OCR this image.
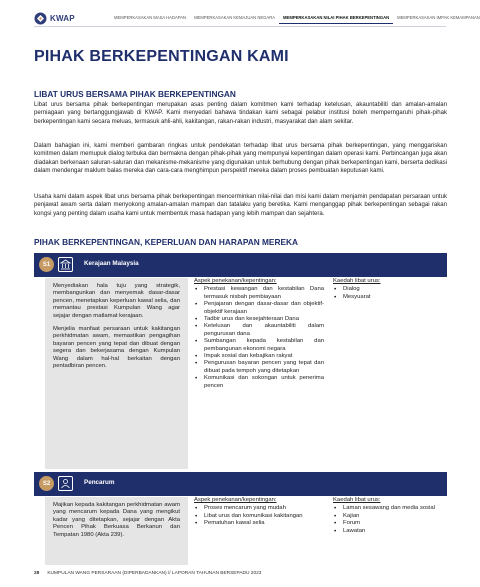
KWAP	MEMPERKASAKAN MASA HADAPAN	MEMPERKASAKAN KEMAJUAN NEGARA	MEMPERKASAKAN NILAI PIHAK BERKEPENTINGAN	MEMPERKASAKAN IMPAK KEMAMPANAN
PIHAK BERKEPENTINGAN KAMI
LIBAT URUS BERSAMA PIHAK BERKEPENTINGAN
Libat urus bersama pihak berkepentingan merupakan asas penting dalam komitmen kami terhadap ketelusan, akauntabiliti dan amalan-amalan perniagaan yang bertanggungjawab di KWAP. Kami menyedari bahawa tindakan kami sebagai pelabur institusi boleh memperngaruhi pihak-pihak berkepentingan kami secara meluas, termasuk ahli-ahli, kakitangan, rakan-rakan industri, masyarakat dan alam sekitar.
Dalam bahagian ini, kami memberi gambaran ringkas untuk pendekatan terhadap libat urus bersama pihak berkepentingan, yang menggariskan komitmen dalam memupuk dialog terbuka dan bermakna dengan pihak-pihak yang mempunyai kepentingan dalam operasi kami. Perbincangan juga akan diadakan berkenaan saluran-saluran dan mekanisme-mekanisme yang digunakan untuk berhubung dengan pihak berkepentingan kami, berserta dedikasi dalam mendengar maklum balas mereka dan cara-cara menghimpun perspektif mereka dalam proses pembuatan keputusan kami.
Usaha kami dalam aspek libat urus bersama pihak berkepentingan mencerminkan nilai-nilai dan misi kami dalam menjamin pendapatan persaraan untuk penjawat awam serta dalam menyokong amalan-amalan mampan dan tatalaku yang beretika. Kami menganggap pihak berkepentingan sebagai rakan kongsi yang penting dalam usaha kami untuk membentuk masa hadapan yang lebih mampan dan sejahtera.
PIHAK BERKEPENTINGAN, KEPERLUAN DAN HARAPAN MEREKA
S1	Kerajaan Malaysia

Menyediakan hala tuju yang strategik, membangunkan dan menyemak dasar-dasar pencen, menetapkan keperluan kawal selia, dan memantau prestasi Kumpulan Wang agar sejajar dengan matlamat kerajaan.

Menjelia manfaat persaraan untuk kakitangan perkhidmatan awam, memastikan pengagihan bayaran pencen yang tepat dan dibuat dengan segera dan bekerjasama dengan Kumpulan Wang dalam hal-hal berkaitan dengan pentadbiran pencen.

Aspek penekanan/kepentingan:
• Prestasi kewangan dan kestabilan Dana termasuk nisbah pembiayaan
• Penjajaran dengan dasar-dasar dan objektif-objektif kerajaan
• Tadbir urus dan kesejahteraan Dana
• Ketelusan dan akauntabiliti dalam pengurusan dana
• Sumbangan kepada kestabilan dan pembangunan ekonomi negara
• Impak sosial dan kebajikan rakyat
• Pengurusan bayaran pencen yang tepat dan dibuat pada tempoh yang ditetapkan
• Komunikasi dan sokongan untuk penerima pencen
Kaedah libat urus:
• Dialog
• Mesyuarat
S2	Pencarum

Majikan kepada kakitangan perkhidmatan awam yang mencarum kepada Dana yang mengikut kadar yang ditetapkan, sejajar dengan Akta Pencen Pihak Berkuasa Berkanun dan Tempatan 1980 (Akta 239).

Aspek penekanan/kepentingan:
• Proses mencarum yang mudah
• Libat urus dan komunikasi kakitangan
• Pematuhan kawal selia
Kaedah libat urus:
• Laman sesawang dan media sosial
• Kajian
• Forum
• Lawatan
28 KUMPULAN WANG PERSARAAN (DIPERBADANKAN) // LAPORAN TAHUNAN BERSEPADU 2023
